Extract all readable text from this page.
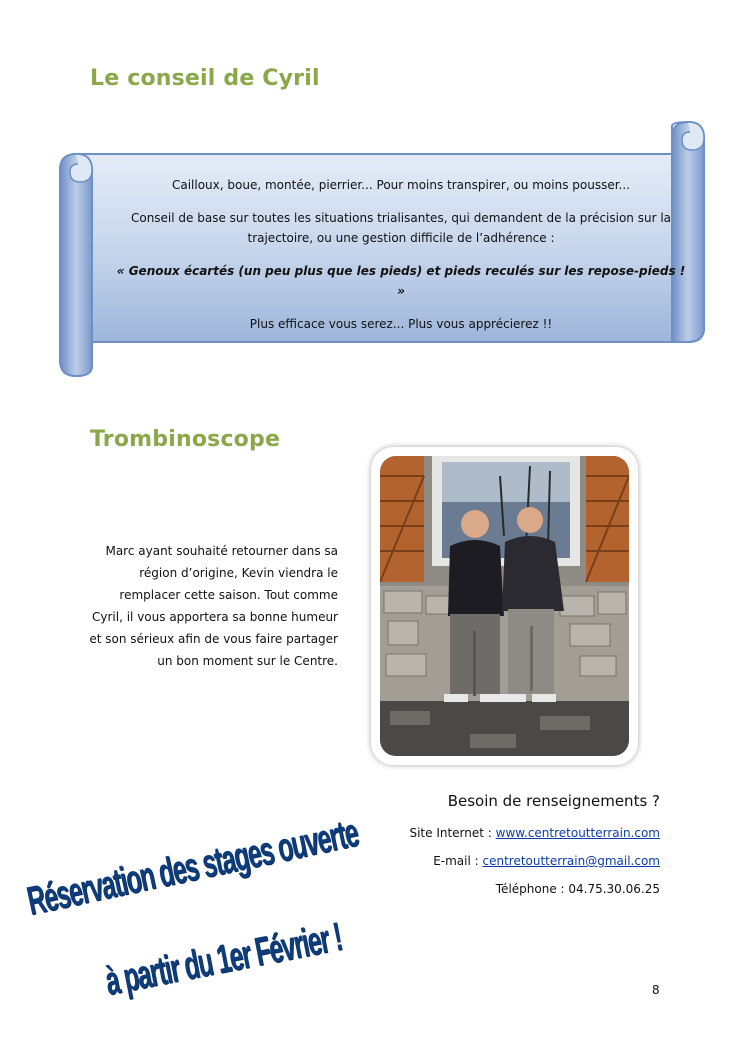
Le conseil de Cyril

Cailloux, boue, montée, pierrier... Pour moins transpirer, ou moins pousser...

Conseil de base sur toutes les situations trialisantes, qui demandent de la précision sur la trajectoire, ou une gestion difficile de l’adhérence :

« Genoux écartés (un peu plus que les pieds) et pieds reculés sur les repose-pieds ! »

Plus efficace vous serez... Plus vous apprécierez !!

Trombinoscope

Marc ayant souhaité retourner dans sa région d’origine, Kevin viendra le remplacer cette saison. Tout comme Cyril, il vous apportera sa bonne humeur et son sérieux afin de vous faire partager un bon moment sur le Centre.

Réservation des stages ouverte
à partir du 1er Février !

Besoin de renseignements ?

Site Internet : www.centretoutterrain.com

E-mail : centretoutterrain@gmail.com

Téléphone : 04.75.30.06.25

8
